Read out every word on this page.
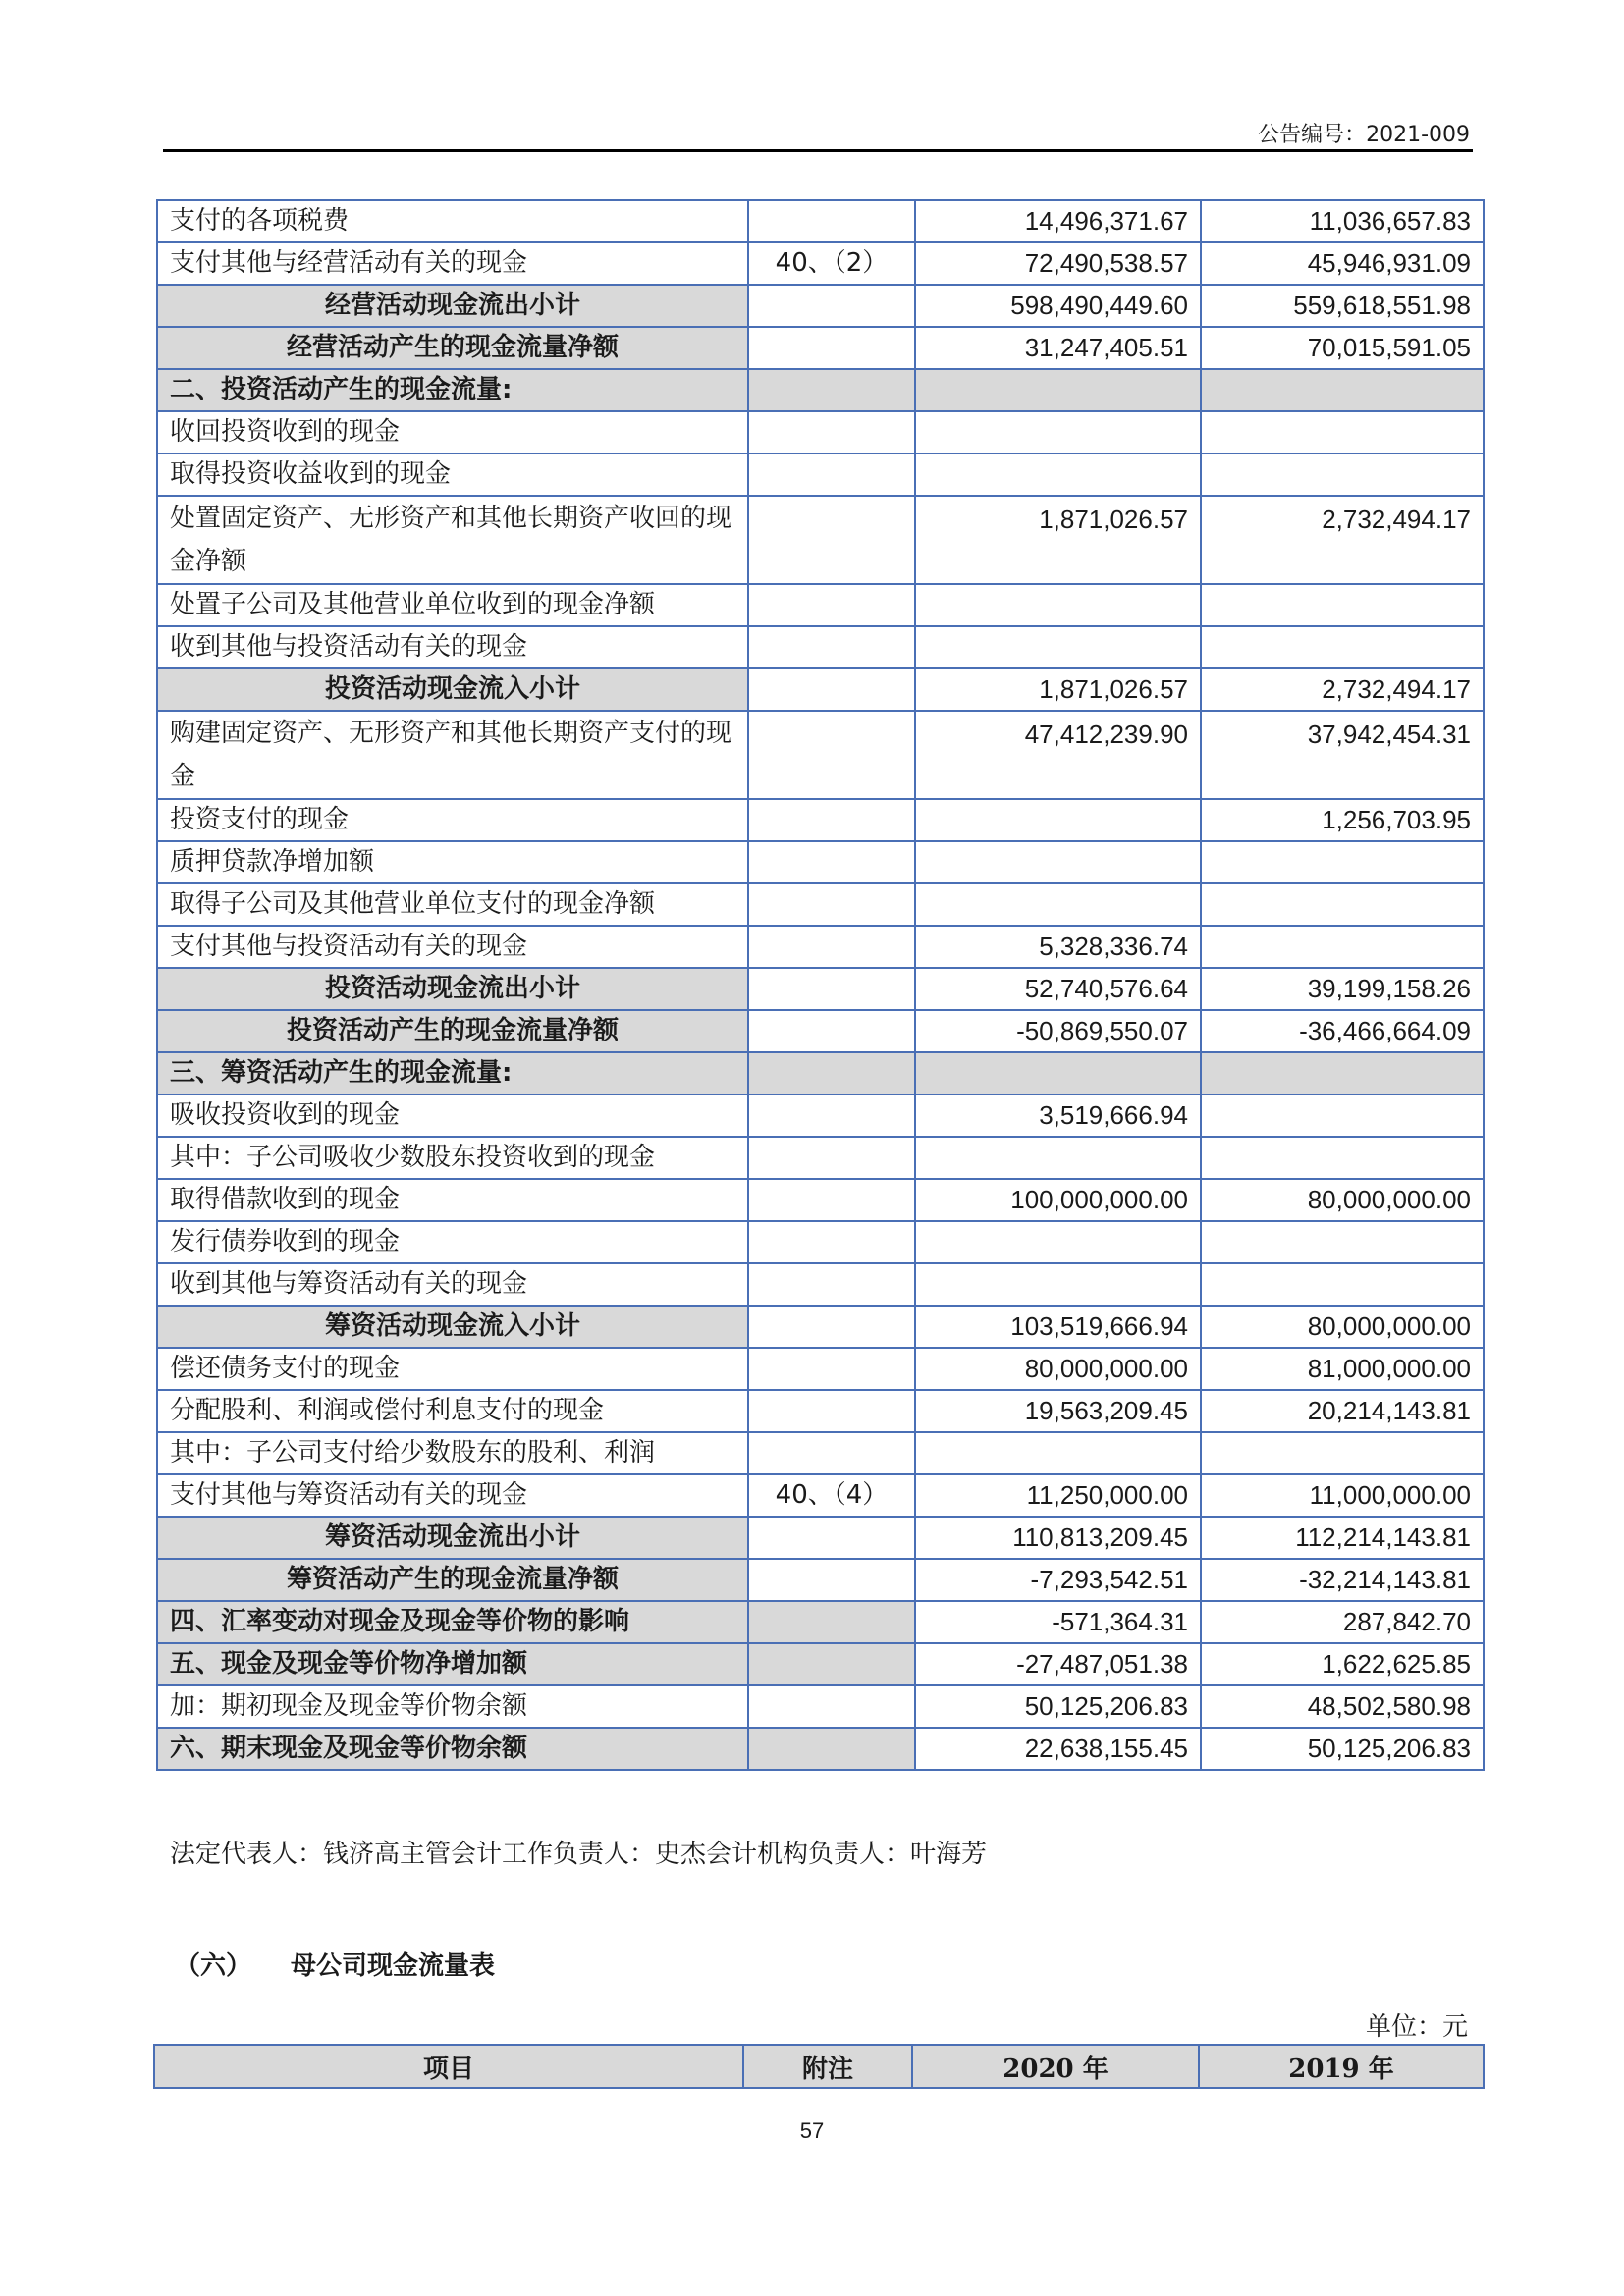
公告编号：2021-009
支付的各项税费		14,496,371.67	11,036,657.83
支付其他与经营活动有关的现金	40、（2）	72,490,538.57	45,946,931.09
经营活动现金流出小计		598,490,449.60	559,618,551.98
经营活动产生的现金流量净额		31,247,405.51	70,015,591.05
二、投资活动产生的现金流量:			
收回投资收到的现金			
取得投资收益收到的现金			
处置固定资产、无形资产和其他长期资产收回的现金净额		1,871,026.57	2,732,494.17
处置子公司及其他营业单位收到的现金净额			
收到其他与投资活动有关的现金			
投资活动现金流入小计		1,871,026.57	2,732,494.17
购建固定资产、无形资产和其他长期资产支付的现金		47,412,239.90	37,942,454.31
投资支付的现金			1,256,703.95
质押贷款净增加额			
取得子公司及其他营业单位支付的现金净额			
支付其他与投资活动有关的现金		5,328,336.74	
投资活动现金流出小计		52,740,576.64	39,199,158.26
投资活动产生的现金流量净额		-50,869,550.07	-36,466,664.09
三、筹资活动产生的现金流量:			
吸收投资收到的现金		3,519,666.94	
其中：子公司吸收少数股东投资收到的现金			
取得借款收到的现金		100,000,000.00	80,000,000.00
发行债券收到的现金			
收到其他与筹资活动有关的现金			
筹资活动现金流入小计		103,519,666.94	80,000,000.00
偿还债务支付的现金		80,000,000.00	81,000,000.00
分配股利、利润或偿付利息支付的现金		19,563,209.45	20,214,143.81
其中：子公司支付给少数股东的股利、利润			
支付其他与筹资活动有关的现金	40、（4）	11,250,000.00	11,000,000.00
筹资活动现金流出小计		110,813,209.45	112,214,143.81
筹资活动产生的现金流量净额		-7,293,542.51	-32,214,143.81
四、汇率变动对现金及现金等价物的影响		-571,364.31	287,842.70
五、现金及现金等价物净增加额		-27,487,051.38	1,622,625.85
加：期初现金及现金等价物余额		50,125,206.83	48,502,580.98
六、期末现金及现金等价物余额		22,638,155.45	50,125,206.83
法定代表人：钱济高主管会计工作负责人：史杰会计机构负责人：叶海芳
（六） 母公司现金流量表
单位：元
项目	附注	2020 年	2019 年
57
